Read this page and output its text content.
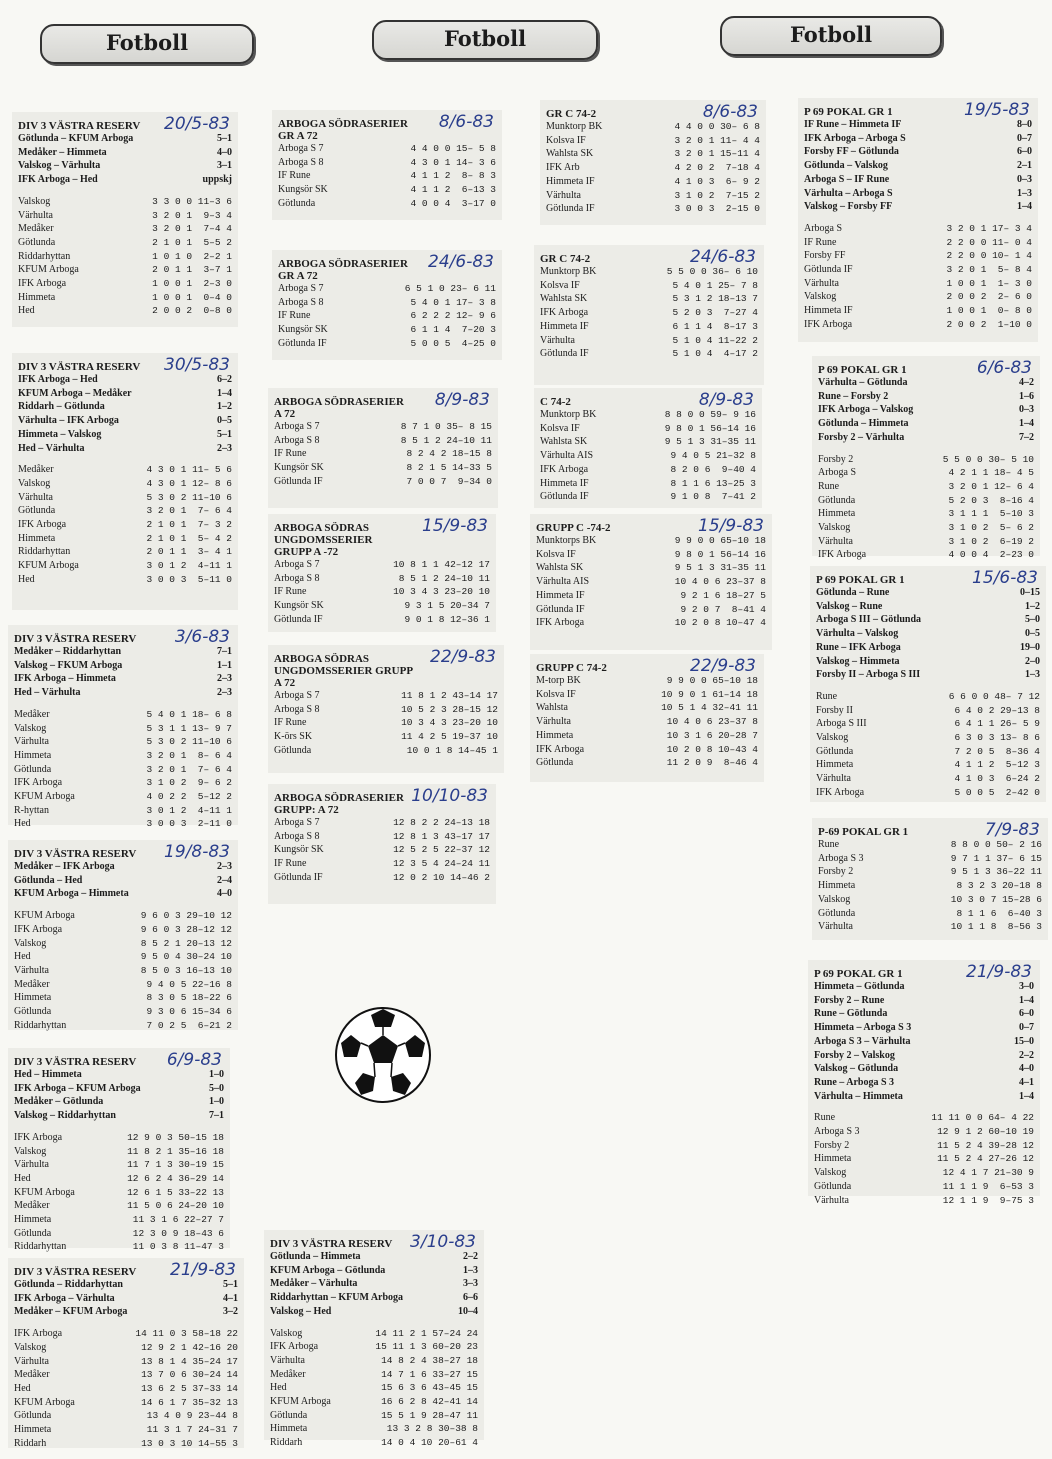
Fotboll	Fotboll	Fotboll
DIV 3 VÄSTRA RESERV	20/5-83
Götlunda – KFUM Arboga	5–1
Medåker – Himmeta	4–0
Valskog – Värhulta	3–1
IFK Arboga – Hed	uppskj
Valskog	3 3 0 0 11–3 6
Värhulta	3 2 0 1  9–3 4
Medåker	3 2 0 1  7–4 4
Götlunda	2 1 0 1  5–5 2
Riddarhyttan	1 0 1 0  2–2 1
KFUM Arboga	2 0 1 1  3–7 1
IFK Arboga	1 0 0 1  2–3 0
Himmeta	1 0 0 1  0–4 0
Hed	2 0 0 2  0–8 0
DIV 3 VÄSTRA RESERV	30/5-83
IFK Arboga – Hed	6–2
KFUM Arboga – Medåker	1–4
Riddarh – Götlunda	1–2
Värhulta – IFK Arboga	0–5
Himmeta – Valskog	5–1
Hed – Värhulta	2–3
Medåker	4 3 0 1 11– 5 6
Valskog	4 3 0 1 12– 8 6
Värhulta	5 3 0 2 11–10 6
Götlunda	3 2 0 1  7– 6 4
IFK Arboga	2 1 0 1  7– 3 2
Himmeta	2 1 0 1  5– 4 2
Riddarhyttan	2 0 1 1  3– 4 1
KFUM Arboga	3 0 1 2  4–11 1
Hed	3 0 0 3  5–11 0
DIV 3 VÄSTRA RESERV	3/6-83
Medåker – Riddarhyttan	7–1
Valskog – FKUM Arboga	1–1
IFK Arboga – Himmeta	2–3
Hed – Värhulta	2–3
Medåker	5 4 0 1 18– 6 8
Valskog	5 3 1 1 13– 9 7
Värhulta	5 3 0 2 11–10 6
Himmeta	3 2 0 1  8– 6 4
Götlunda	3 2 0 1  7– 6 4
IFK Arboga	3 1 0 2  9– 6 2
KFUM Arboga	4 0 2 2  5–12 2
R-hyttan	3 0 1 2  4–11 1
Hed	3 0 0 3  2–11 0
DIV 3 VÄSTRA RESERV	19/8-83
Medåker – IFK Arboga	2–3
Götlunda – Hed	2–4
KFUM Arboga – Himmeta	4–0
KFUM Arboga	9 6 0 3 29–10 12
IFK Arboga	9 6 0 3 28–12 12
Valskog	8 5 2 1 20–13 12
Hed	9 5 0 4 30–24 10
Värhulta	8 5 0 3 16–13 10
Medåker	9 4 0 5 22–16 8
Himmeta	8 3 0 5 18–22 6
Götlunda	9 3 0 6 15–34 6
Riddarhyttan	7 0 2 5  6–21 2
DIV 3 VÄSTRA RESERV	6/9-83
Hed – Himmeta	1–0
IFK Arboga – KFUM Arboga	5–0
Medåker – Götlunda	1–0
Valskog – Riddarhyttan	7–1
IFK Arboga	12 9 0 3 50–15 18
Valskog	11 8 2 1 35–16 18
Värhulta	11 7 1 3 30–19 15
Hed	12 6 2 4 36–29 14
KFUM Arboga	12 6 1 5 33–22 13
Medåker	11 5 0 6 24–20 10
Himmeta	11 3 1 6 22–27 7
Götlunda	12 3 0 9 18–43 6
Riddarhyttan	11 0 3 8 11–47 3
DIV 3 VÄSTRA RESERV	21/9-83
Götlunda – Riddarhyttan	5–1
IFK Arboga – Värhulta	4–1
Medåker – KFUM Arboga	3–2
IFK Arboga	14 11 0 3 58–18 22
Valskog	12 9 2 1 42–16 20
Värhulta	13 8 1 4 35–24 17
Medåker	13 7 0 6 30–24 14
Hed	13 6 2 5 37–33 14
KFUM Arboga	14 6 1 7 35–32 13
Götlunda	13 4 0 9 23–44 8
Himmeta	11 3 1 7 24–31 7
Riddarh	13 0 3 10 14–55 3
ARBOGA SÖDRASERIER GR A 72
8/6-83
Arboga S 7	4 4 0 0 15– 5 8
Arboga S 8	4 3 0 1 14– 3 6
IF Rune	4 1 1 2  8– 8 3
Kungsör SK	4 1 1 2  6–13 3
Götlunda	4 0 0 4  3–17 0
ARBOGA SÖDRASERIER GR A 72
24/6-83
Arboga S 7	6 5 1 0 23– 6 11
Arboga S 8	5 4 0 1 17– 3 8
IF Rune	6 2 2 2 12– 9 6
Kungsör SK	6 1 1 4  7–20 3
Götlunda IF	5 0 0 5  4–25 0
ARBOGA SÖDRASERIER A 72
8/9-83
Arboga S 7	8 7 1 0 35– 8 15
Arboga S 8	8 5 1 2 24–10 11
IF Rune	8 2 4 2 18–15 8
Kungsör SK	8 2 1 5 14–33 5
Götlunda IF	7 0 0 7  9–34 0
ARBOGA SÖDRAS UNGDOMSSERIER GRUPP A -72
15/9-83
Arboga S 7	10 8 1 1 42–12 17
Arboga S 8	8 5 1 2 24–10 11
IF Rune	10 3 4 3 23–20 10
Kungsör SK	9 3 1 5 20–34 7
Götlunda IF	9 0 1 8 12–36 1
ARBOGA SÖDRAS UNGDOMSSERIER GRUPP A 72
22/9-83
Arboga S 7	11 8 1 2 43–14 17
Arboga S 8	10 5 2 3 28–15 12
IF Rune	10 3 4 3 23–20 10
K-örs SK	11 4 2 5 19–37 10
Götlunda	10 0 1 8 14–45 1
ARBOGA SÖDRASERIER GRUPP: A 72
10/10-83
Arboga S 7	12 8 2 2 24–13 18
Arboga S 8	12 8 1 3 43–17 17
Kungsör SK	12 5 2 5 22–37 12
IF Rune	12 3 5 4 24–24 11
Götlunda IF	12 0 2 10 14–46 2
DIV 3 VÄSTRA RESERV	3/10-83
Götlunda – Himmeta	2–2
KFUM Arboga – Götlunda	1–3
Medåker – Värhulta	3–3
Riddarhyttan – KFUM Arboga	6–6
Valskog – Hed	10–4
Valskog	14 11 2 1 57–24 24
IFK Arboga	15 11 1 3 60–20 23
Värhulta	14 8 2 4 38–27 18
Medåker	14 7 1 6 33–27 15
Hed	15 6 3 6 43–45 15
KFUM Arboga	16 6 2 8 42–41 14
Götlunda	15 5 1 9 28–47 11
Himmeta	13 3 2 8 30–38 8
Riddarh	14 0 4 10 20–61 4
GR C 74-2	8/6-83
Munktorp BK	4 4 0 0 30– 6 8
Kolsva IF	3 2 0 1 11– 4 4
Wahlsta SK	3 2 0 1 15–11 4
IFK Arb	4 2 0 2  7–18 4
Himmeta IF	4 1 0 3  6– 9 2
Värhulta	3 1 0 2  7–15 2
Götlunda IF	3 0 0 3  2–15 0
GR C 74-2	24/6-83
Munktorp BK	5 5 0 0 36– 6 10
Kolsva IF	5 4 0 1 25– 7 8
Wahlsta SK	5 3 1 2 18–13 7
IFK Arboga	5 2 0 3  7–27 4
Himmeta IF	6 1 1 4  8–17 3
Värhulta	5 1 0 4 11–22 2
Götlunda IF	5 1 0 4  4–17 2
C 74-2	8/9-83
Munktorp BK	8 8 0 0 59– 9 16
Kolsva IF	9 8 0 1 56–14 16
Wahlsta SK	9 5 1 3 31–35 11
Värhulta AIS	9 4 0 5 21–32 8
IFK Arboga	8 2 0 6  9–40 4
Himmeta IF	8 1 1 6 13–25 3
Götlunda IF	9 1 0 8  7–41 2
GRUPP C -74-2	15/9-83
Munktorps BK	9 9 0 0 65–10 18
Kolsva IF	9 8 0 1 56–14 16
Wahlsta SK	9 5 1 3 31–35 11
Värhulta AIS	10 4 0 6 23–37 8
Himmeta IF	9 2 1 6 18–27 5
Götlunda IF	9 2 0 7  8–41 4
IFK Arboga	10 2 0 8 10–47 4
GRUPP C 74-2	22/9-83
M-torp BK	9 9 0 0 65–10 18
Kolsva IF	10 9 0 1 61–14 18
Wahlsta	10 5 1 4 32–41 11
Värhulta	10 4 0 6 23–37 8
Himmeta	10 3 1 6 20–28 7
IFK Arboga	10 2 0 8 10–43 4
Götlunda	11 2 0 9  8–46 4
P 69 POKAL GR 1	19/5-83
IF Rune – Himmeta IF	8–0
IFK Arboga – Arboga S	0–7
Forsby FF – Götlunda	6–0
Götlunda – Valskog	2–1
Arboga S – IF Rune	0–3
Värhulta – Arboga S	1–3
Valskog – Forsby FF	1–4
Arboga S	3 2 0 1 17– 3 4
IF Rune	2 2 0 0 11– 0 4
Forsby FF	2 2 0 0 10– 1 4
Götlunda IF	3 2 0 1  5– 8 4
Värhulta	1 0 0 1  1– 3 0
Valskog	2 0 0 2  2– 6 0
Himmeta IF	1 0 0 1  0– 8 0
IFK Arboga	2 0 0 2  1–10 0
P 69 POKAL GR 1	6/6-83
Värhulta – Götlunda	4–2
Rune – Forsby 2	1–6
IFK Arboga – Valskog	0–3
Götlunda – Himmeta	1–4
Forsby 2 – Värhulta	7–2
Forsby 2	5 5 0 0 30– 5 10
Arboga S	4 2 1 1 18– 4 5
Rune	3 2 0 1 12– 6 4
Götlunda	5 2 0 3  8–16 4
Himmeta	3 1 1 1  5–10 3
Valskog	3 1 0 2  5– 6 2
Värhulta	3 1 0 2  6–19 2
IFK Arboga	4 0 0 4  2–23 0
P 69 POKAL GR 1	15/6-83
Götlunda – Rune	0–15
Valskog – Rune	1–2
Arboga S III – Götlunda	5–0
Värhulta – Valskog	0–5
Rune – IFK Arboga	19–0
Valskog – Himmeta	2–0
Forsby II – Arboga S III	1–3
Rune	6 6 0 0 48– 7 12
Forsby II	6 4 0 2 29–13 8
Arboga S III	6 4 1 1 26– 5 9
Valskog	6 3 0 3 13– 8 6
Götlunda	7 2 0 5  8–36 4
Himmeta	4 1 1 2  5–12 3
Värhulta	4 1 0 3  6–24 2
IFK Arboga	5 0 0 5  2–42 0
P-69 POKAL GR 1	7/9-83
Rune	8 8 0 0 50– 2 16
Arboga S 3	9 7 1 1 37– 6 15
Forsby 2	9 5 1 3 36–22 11
Himmeta	8 3 2 3 20–18 8
Valskog	10 3 0 7 15–28 6
Götlunda	8 1 1 6  6–40 3
Värhulta	10 1 1 8  8–56 3
P 69 POKAL GR 1	21/9-83
Himmeta – Götlunda	3–0
Forsby 2 – Rune	1–4
Rune – Götlunda	6–0
Himmeta – Arboga S 3	0–7
Arboga S 3 – Värhulta	15–0
Forsby 2 – Valskog	2–2
Valskog – Götlunda	4–0
Rune – Arboga S 3	4–1
Värhulta – Himmeta	1–4
Rune	11 11 0 0 64– 4 22
Arboga S 3	12 9 1 2 60–10 19
Forsby 2	11 5 2 4 39–28 12
Himmeta	11 5 2 4 27–26 12
Valskog	12 4 1 7 21–30 9
Götlunda	11 1 1 9  6–53 3
Värhulta	12 1 1 9  9–75 3
